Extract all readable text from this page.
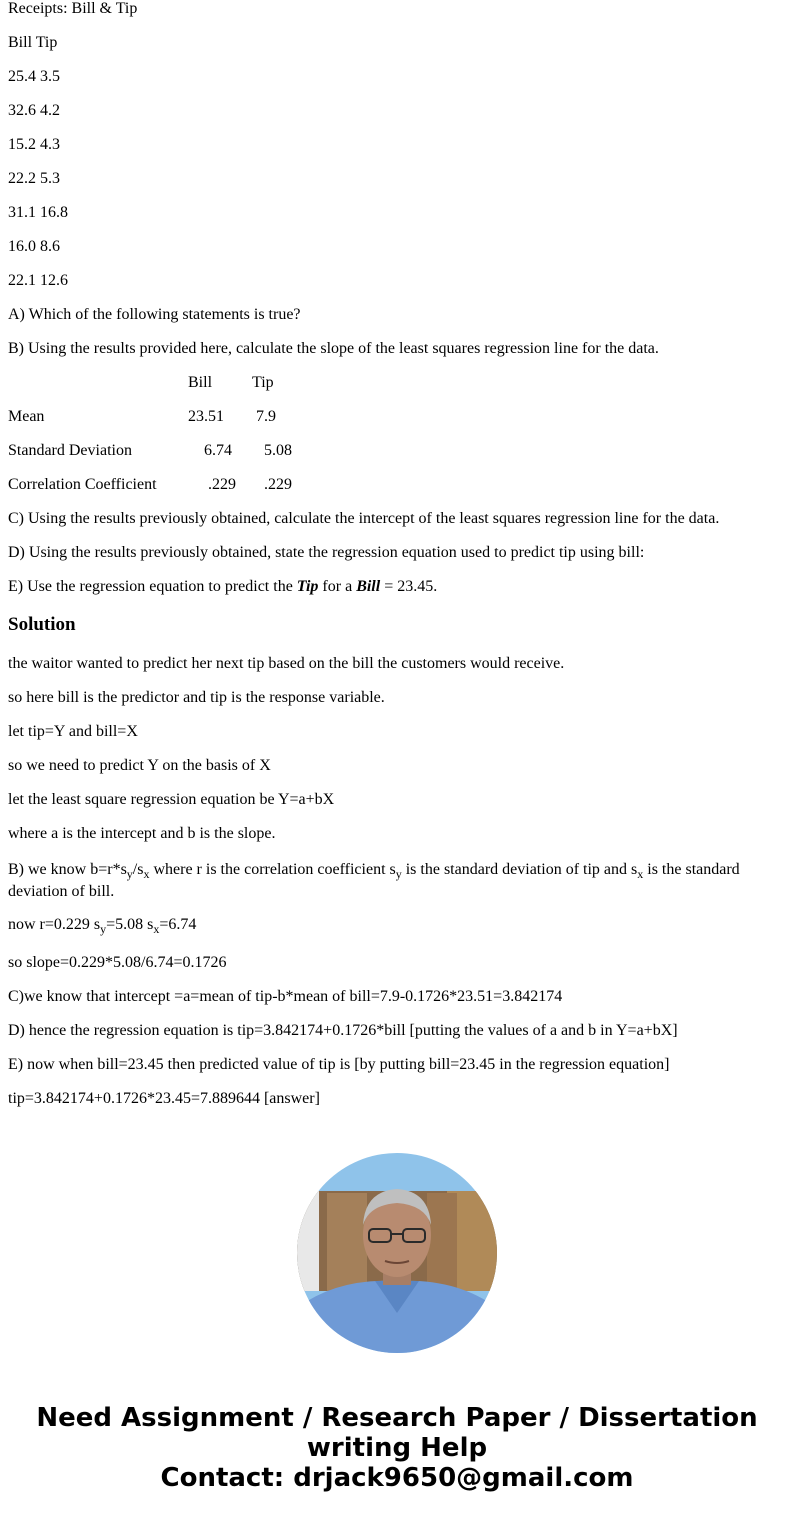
Receipts: Bill & Tip
Bill Tip
25.4 3.5
32.6 4.2
15.2 4.3
22.2 5.3
31.1 16.8
16.0 8.6
22.1 12.6
A) Which of the following statements is true?
B) Using the results provided here, calculate the slope of the least squares regression line for the data.
Bill Tip
Mean	23.51 7.9
Standard Deviation	6.74 5.08
Correlation Coefficient	.229 .229
C) Using the results previously obtained, calculate the intercept of the least squares regression line for the data.
D) Using the results previously obtained, state the regression equation used to predict tip using bill:
E) Use the regression equation to predict the Tip for a Bill = 23.45.
Solution
the waitor wanted to predict her next tip based on the bill the customers would receive.
so here bill is the predictor and tip is the response variable.
let tip=Y and bill=X
so we need to predict Y on the basis of X
let the least square regression equation be Y=a+bX
where a is the intercept and b is the slope.
B) we know $b=r*s_y/s_x$ where r is the correlation coefficient $s_y$ is the standard deviation of tip and $s_x$ is the standard deviation of bill.
now r=0.229 $s_y=5.08$ $s_x=6.74$
so slope=0.229*5.08/6.74=0.1726
C)we know that intercept =a=mean of tip-b*mean of bill=7.9-0.1726*23.51=3.842174
D) hence the regression equation is tip=3.842174+0.1726*bill [putting the values of a and b in Y=a+bX]
E) now when bill=23.45 then predicted value of tip is [by putting bill=23.45 in the regression equation]
tip=3.842174+0.1726*23.45=7.889644 [answer]
Need Assignment / Research Paper / Dissertation
writing Help
Contact: drjack9650@gmail.com
